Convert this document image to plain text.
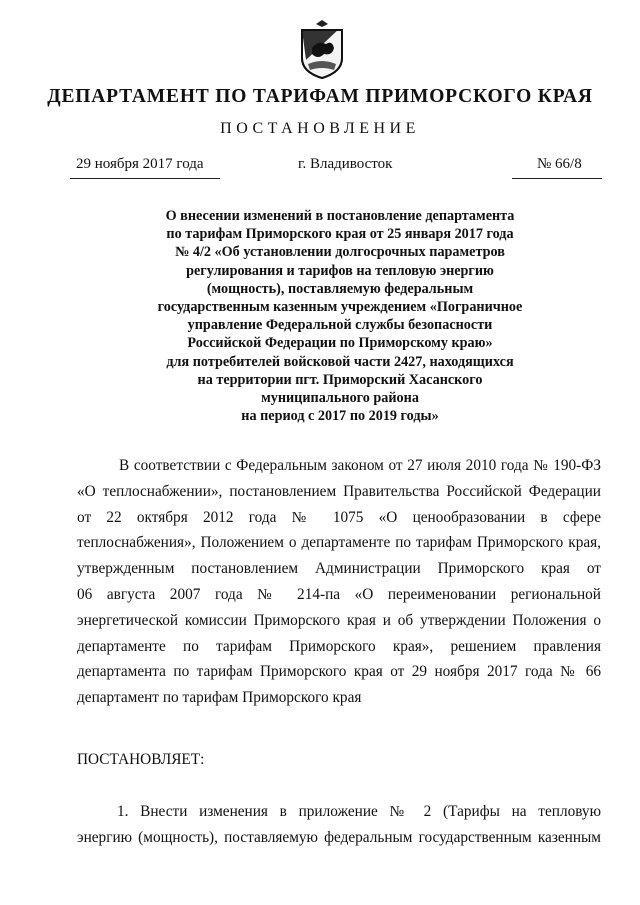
ДЕПАРТАМЕНТ ПО ТАРИФАМ ПРИМОРСКОГО КРАЯ
ПОСТАНОВЛЕНИЕ
29 ноября 2017 года	г. Владивосток	№ 66/8
О внесении изменений в постановление департамента
по тарифам Приморского края от 25 января 2017 года
№ 4/2 «Об установлении долгосрочных параметров
регулирования и тарифов на тепловую энергию
(мощность), поставляемую федеральным
государственным казенным учреждением «Пограничное
управление Федеральной службы безопасности
Российской Федерации по Приморскому краю»
для потребителей войсковой части 2427, находящихся
на территории пгт. Приморский Хасанского
муниципального района
на период с 2017 по 2019 годы»
В соответствии с Федеральным законом от 27 июля 2010 года № 190-ФЗ
«О теплоснабжении», постановлением Правительства Российской Федерации
от 22 октября 2012 года № 1075 «О ценообразовании в сфере
теплоснабжения», Положением о департаменте по тарифам Приморского края,
утвержденным постановлением Администрации Приморского края от
06 августа 2007 года № 214-па «О переименовании региональной
энергетической комиссии Приморского края и об утверждении Положения о
департаменте по тарифам Приморского края», решением правления
департамента по тарифам Приморского края от 29 ноября 2017 года № 66
департамент по тарифам Приморского края
ПОСТАНОВЛЯЕТ:
1. Внести изменения в приложение № 2 (Тарифы на тепловую
энергию (мощность), поставляемую федеральным государственным казенным
